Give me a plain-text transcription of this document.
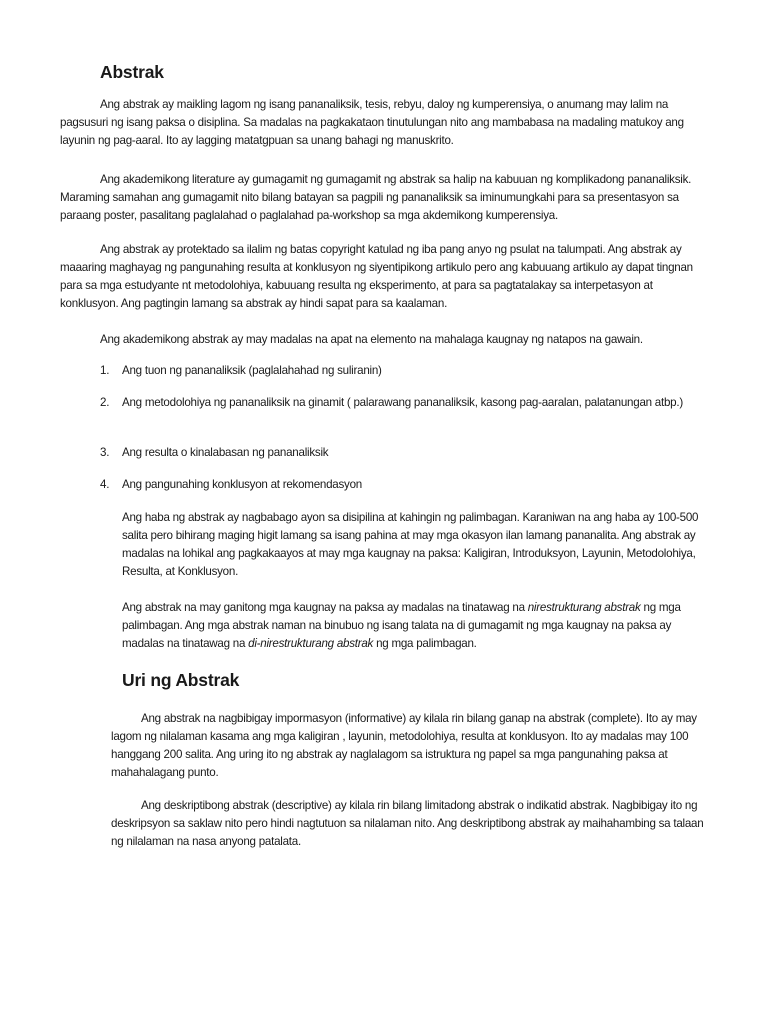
Abstrak

Ang abstrak ay maikling lagom ng isang pananaliksik, tesis, rebyu, daloy ng kumperensiya, o anumang may lalim na pagsusuri ng isang paksa o disiplina. Sa madalas na pagkakataon tinutulungan nito ang mambabasa na madaling matukoy ang layunin ng pag-aaral. Ito ay lagging matatgpuan sa unang bahagi ng manuskrito.

Ang akademikong literature ay gumagamit ng gumagamit ng abstrak sa halip na kabuuan ng komplikadong pananaliksik. Maraming samahan ang gumagamit nito bilang batayan sa pagpili ng pananaliksik sa iminumungkahi para sa presentasyon sa paraang poster, pasalitang paglalahad o paglalahad pa-workshop sa mga akdemikong kumperensiya.

Ang abstrak ay protektado sa ilalim ng batas copyright katulad ng iba pang anyo ng psulat na talumpati. Ang abstrak ay maaaring maghayag ng pangunahing resulta at konklusyon ng siyentipikong artikulo pero ang kabuuang artikulo ay dapat tingnan para sa mga estudyante nt metodolohiya, kabuuang resulta ng eksperimento, at para sa pagtatalakay sa interpetasyon at konklusyon. Ang pagtingin lamang sa abstrak ay hindi sapat para sa kaalaman.

Ang akademikong abstrak ay may madalas na apat na elemento na mahalaga kaugnay ng natapos na gawain.

1. Ang tuon ng pananaliksik (paglalahahad ng suliranin)
2. Ang metodolohiya ng pananaliksik na ginamit ( palarawang pananaliksik, kasong pag-aaralan, palatanungan atbp.)
3. Ang resulta o kinalabasan ng pananaliksik
4. Ang pangunahing konklusyon at rekomendasyon

Ang haba ng abstrak ay nagbabago ayon sa disipilina at kahingin ng palimbagan. Karaniwan na ang haba ay 100-500 salita pero bihirang maging higit lamang sa isang pahina at may mga okasyon ilan lamang pananalita. Ang abstrak ay madalas na lohikal ang pagkakaayos at may mga kaugnay na paksa: Kaligiran, Introduksyon, Layunin, Metodolohiya, Resulta, at Konklusyon.

Ang abstrak na may ganitong mga kaugnay na paksa ay madalas na tinatawag na nirestrukturang abstrak ng mga palimbagan. Ang mga abstrak naman na binubuo ng isang talata na di gumagamit ng mga kaugnay na paksa ay madalas na tinatawag na di-nirestrukturang abstrak ng mga palimbagan.

Uri ng Abstrak

Ang abstrak na nagbibigay impormasyon (informative) ay kilala rin bilang ganap na abstrak (complete). Ito ay may lagom ng nilalaman kasama ang mga kaligiran , layunin, metodolohiya, resulta at konklusyon. Ito ay madalas may 100 hanggang 200 salita. Ang uring ito ng abstrak ay naglalagom sa istruktura ng papel sa mga pangunahing paksa at mahahalagang punto.

Ang deskriptibong abstrak (descriptive) ay kilala rin bilang limitadong abstrak o indikatid abstrak. Nagbibigay ito ng deskripsyon sa saklaw nito pero hindi nagtutuon sa nilalaman nito. Ang deskriptibong abstrak ay maihahambing sa talaan ng nilalaman na nasa anyong patalata.
